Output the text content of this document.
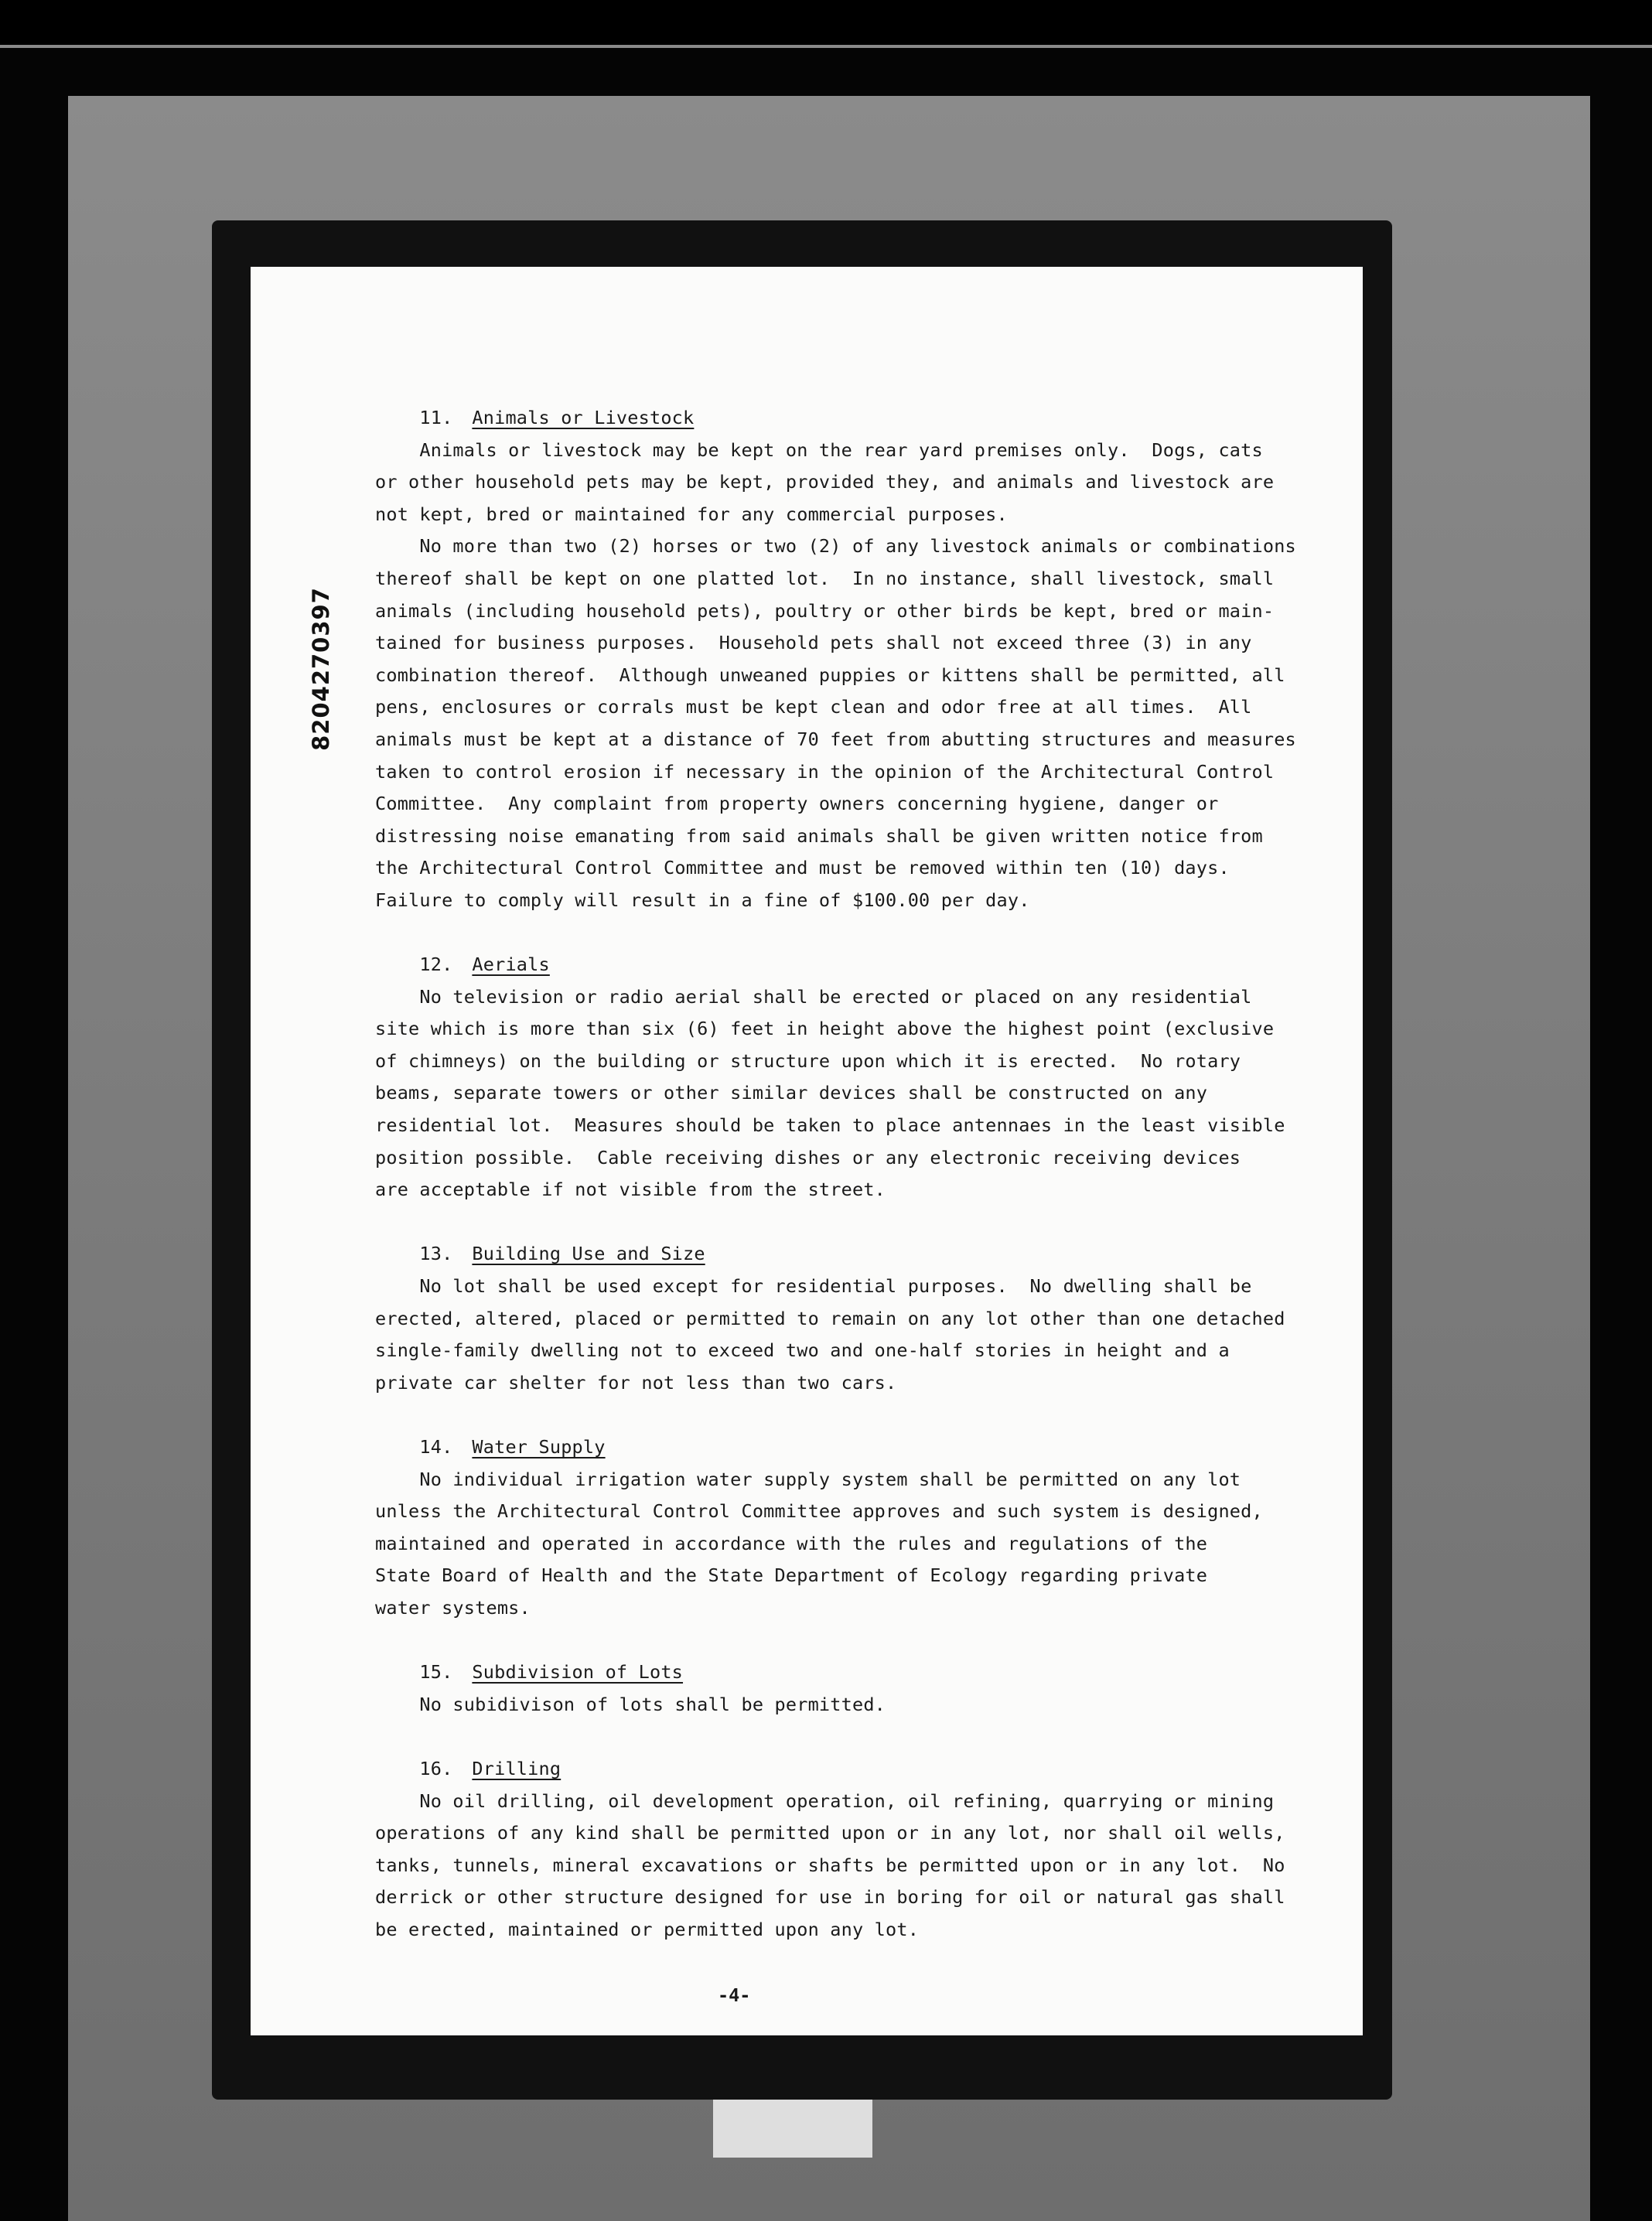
8204270397
11. Animals or Livestock
Animals or livestock may be kept on the rear yard premises only.  Dogs, cats
or other household pets may be kept, provided they, and animals and livestock are
not kept, bred or maintained for any commercial purposes.
No more than two (2) horses or two (2) of any livestock animals or combinations
thereof shall be kept on one platted lot.  In no instance, shall livestock, small
animals (including household pets), poultry or other birds be kept, bred or main-
tained for business purposes.  Household pets shall not exceed three (3) in any
combination thereof.  Although unweaned puppies or kittens shall be permitted, all
pens, enclosures or corrals must be kept clean and odor free at all times.  All
animals must be kept at a distance of 70 feet from abutting structures and measures
taken to control erosion if necessary in the opinion of the Architectural Control
Committee.  Any complaint from property owners concerning hygiene, danger or
distressing noise emanating from said animals shall be given written notice from
the Architectural Control Committee and must be removed within ten (10) days.
Failure to comply will result in a fine of $100.00 per day.
12. Aerials
No television or radio aerial shall be erected or placed on any residential
site which is more than six (6) feet in height above the highest point (exclusive
of chimneys) on the building or structure upon which it is erected.  No rotary
beams, separate towers or other similar devices shall be constructed on any
residential lot.  Measures should be taken to place antennaes in the least visible
position possible.  Cable receiving dishes or any electronic receiving devices
are acceptable if not visible from the street.
13. Building Use and Size
No lot shall be used except for residential purposes.  No dwelling shall be
erected, altered, placed or permitted to remain on any lot other than one detached
single-family dwelling not to exceed two and one-half stories in height and a
private car shelter for not less than two cars.
14. Water Supply
No individual irrigation water supply system shall be permitted on any lot
unless the Architectural Control Committee approves and such system is designed,
maintained and operated in accordance with the rules and regulations of the
State Board of Health and the State Department of Ecology regarding private
water systems.
15. Subdivision of Lots
No subidivison of lots shall be permitted.
16. Drilling
No oil drilling, oil development operation, oil refining, quarrying or mining
operations of any kind shall be permitted upon or in any lot, nor shall oil wells,
tanks, tunnels, mineral excavations or shafts be permitted upon or in any lot.  No
derrick or other structure designed for use in boring for oil or natural gas shall
be erected, maintained or permitted upon any lot.
-4-
